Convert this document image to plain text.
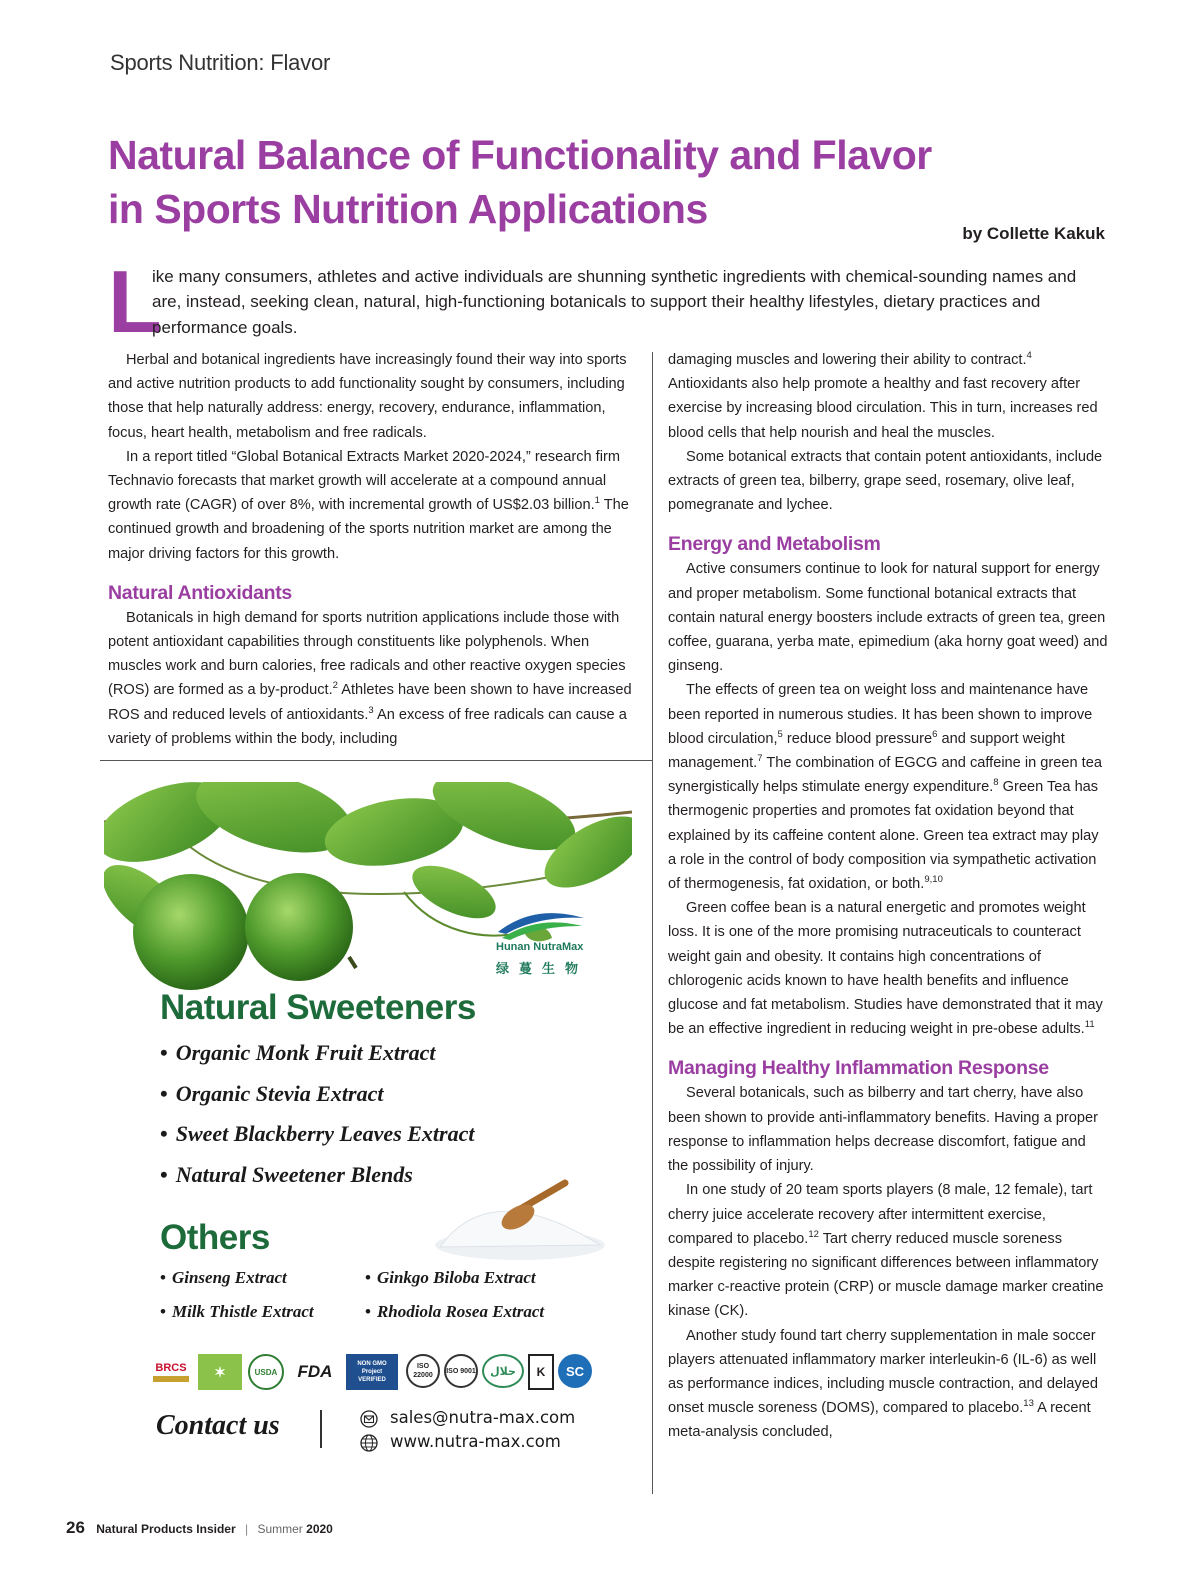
Sports Nutrition: Flavor
Natural Balance of Functionality and Flavor
in Sports Nutrition Applications
by Collette Kakuk
L

ike many consumers, athletes and active individuals are shunning synthetic ingredients with chemical-sounding names and are, instead, seeking clean, natural, high-functioning botanicals to support their healthy lifestyles, dietary practices and performance goals.

Herbal and botanical ingredients have increasingly found their way into sports and active nutrition products to add functionality sought by consumers, including those that help naturally address: energy, recovery, endurance, inflammation, focus, heart health, metabolism and free radicals.

In a report titled “Global Botanical Extracts Market 2020-2024,” research firm Technavio forecasts that market growth will accelerate at a compound annual growth rate (CAGR) of over 8%, with incremental growth of US$2.03 billion.$^1$ The continued growth and broadening of the sports nutrition market are among the major driving factors for this growth.

Natural Antioxidants

Botanicals in high demand for sports nutrition applications include those with potent antioxidant capabilities through constituents like polyphenols. When muscles work and burn calories, free radicals and other reactive oxygen species (ROS) are formed as a by-product.$^2$ Athletes have been shown to have increased ROS and reduced levels of antioxidants.$^3$ An excess of free radicals can cause a variety of problems within the body, including

damaging muscles and lowering their ability to contract.$^4$ Antioxidants also help promote a healthy and fast recovery after exercise by increasing blood circulation. This in turn, increases red blood cells that help nourish and heal the muscles.

Some botanical extracts that contain potent antioxidants, include extracts of green tea, bilberry, grape seed, rosemary, olive leaf, pomegranate and lychee.

Energy and Metabolism

Active consumers continue to look for natural support for energy and proper metabolism. Some functional botanical extracts that contain natural energy boosters include extracts of green tea, green coffee, guarana, yerba mate, epimedium (aka horny goat weed) and ginseng.

The effects of green tea on weight loss and maintenance have been reported in numerous studies. It has been shown to improve blood circulation,$^5$ reduce blood pressure$^6$ and support weight management.$^7$ The combination of EGCG and caffeine in green tea synergistically helps stimulate energy expenditure.$^8$ Green Tea has thermogenic properties and promotes fat oxidation beyond that explained by its caffeine content alone. Green tea extract may play a role in the control of body composition via sympathetic activation of thermogenesis, fat oxidation, or both.$^{9,10}$

Green coffee bean is a natural energetic and promotes weight loss. It is one of the more promising nutraceuticals to counteract weight gain and obesity. It contains high concentrations of chlorogenic acids known to have health benefits and influence glucose and fat metabolism. Studies have demonstrated that it may be an effective ingredient in reducing weight in pre-obese adults.$^{11}$

Managing Healthy Inflammation Response

Several botanicals, such as bilberry and tart cherry, have also been shown to provide anti-inflammatory benefits. Having a proper response to inflammation helps decrease discomfort, fatigue and the possibility of injury.

In one study of 20 team sports players (8 male, 12 female), tart cherry juice accelerate recovery after intermittent exercise, compared to placebo.$^{12}$ Tart cherry reduced muscle soreness despite registering no significant differences between inflammatory marker c-reactive protein (CRP) or muscle damage marker creatine kinase (CK).

Another study found tart cherry supplementation in male soccer players attenuated inflammatory marker interleukin-6 (IL-6) as well as performance indices, including muscle contraction, and delayed onset muscle soreness (DOMS), compared to placebo.$^{13}$ A recent meta-analysis concluded,

Hunan NutraMax
绿蔓生物
Natural Sweeteners
• Organic Monk Fruit Extract
• Organic Stevia Extract
• Sweet Blackberry Leaves Extract
• Natural Sweetener Blends
Others
• Ginseng Extract	• Ginkgo Biloba Extract
• Milk Thistle Extract	• Rhodiola Rosea Extract
BRCS	✶	USDA FDA	NON GMO Project VERIFIED
ISO 22000
ISO 9001 حلال K SC
Contact us	sales@nutra-max.com
www.nutra-max.com
26 Natural Products Insider | Summer 2020
